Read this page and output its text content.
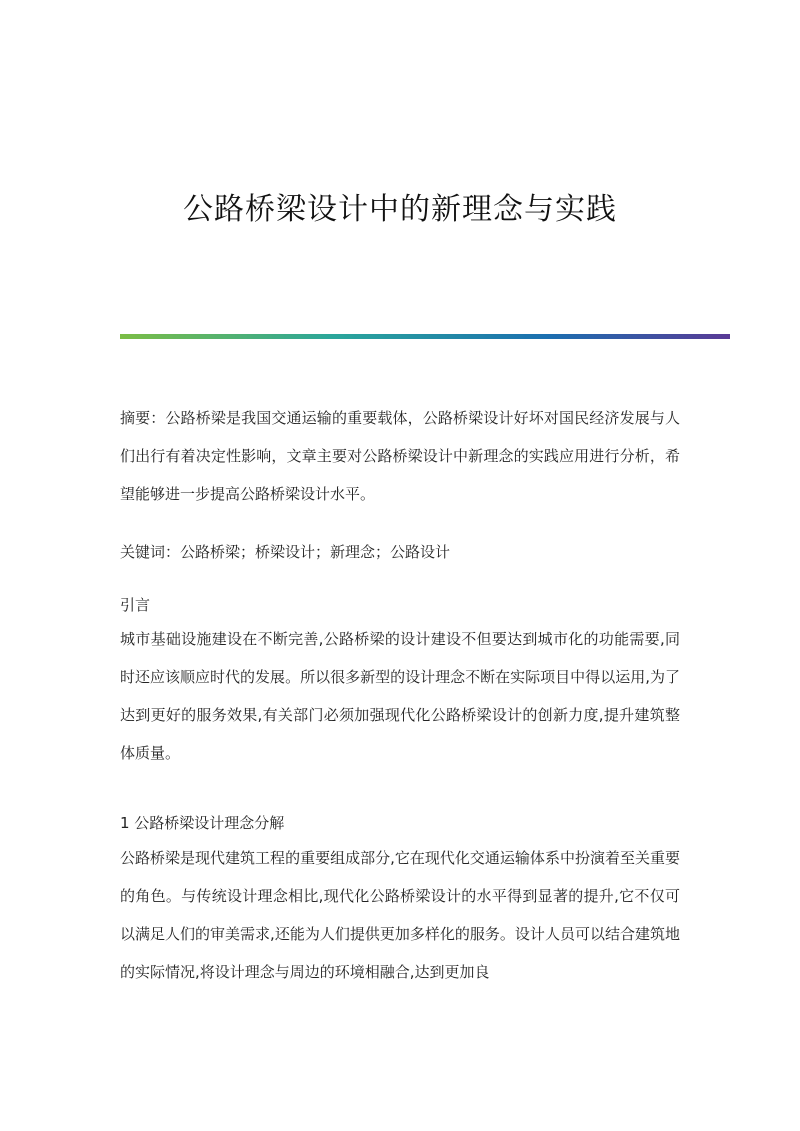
公路桥梁设计中的新理念与实践

摘要：公路桥梁是我国交通运输的重要载体，公路桥梁设计好坏对国民经济发展与人们出行有着决定性影响，文章主要对公路桥梁设计中新理念的实践应用进行分析，希望能够进一步提高公路桥梁设计水平。

关键词：公路桥梁；桥梁设计；新理念；公路设计

引言

城市基础设施建设在不断完善,公路桥梁的设计建设不但要达到城市化的功能需要,同时还应该顺应时代的发展。所以很多新型的设计理念不断在实际项目中得以运用,为了达到更好的服务效果,有关部门必须加强现代化公路桥梁设计的创新力度,提升建筑整体质量。

1 公路桥梁设计理念分解

公路桥梁是现代建筑工程的重要组成部分,它在现代化交通运输体系中扮演着至关重要的角色。与传统设计理念相比,现代化公路桥梁设计的水平得到显著的提升,它不仅可以满足人们的审美需求,还能为人们提供更加多样化的服务。设计人员可以结合建筑地的实际情况,将设计理念与周边的环境相融合,达到更加良
